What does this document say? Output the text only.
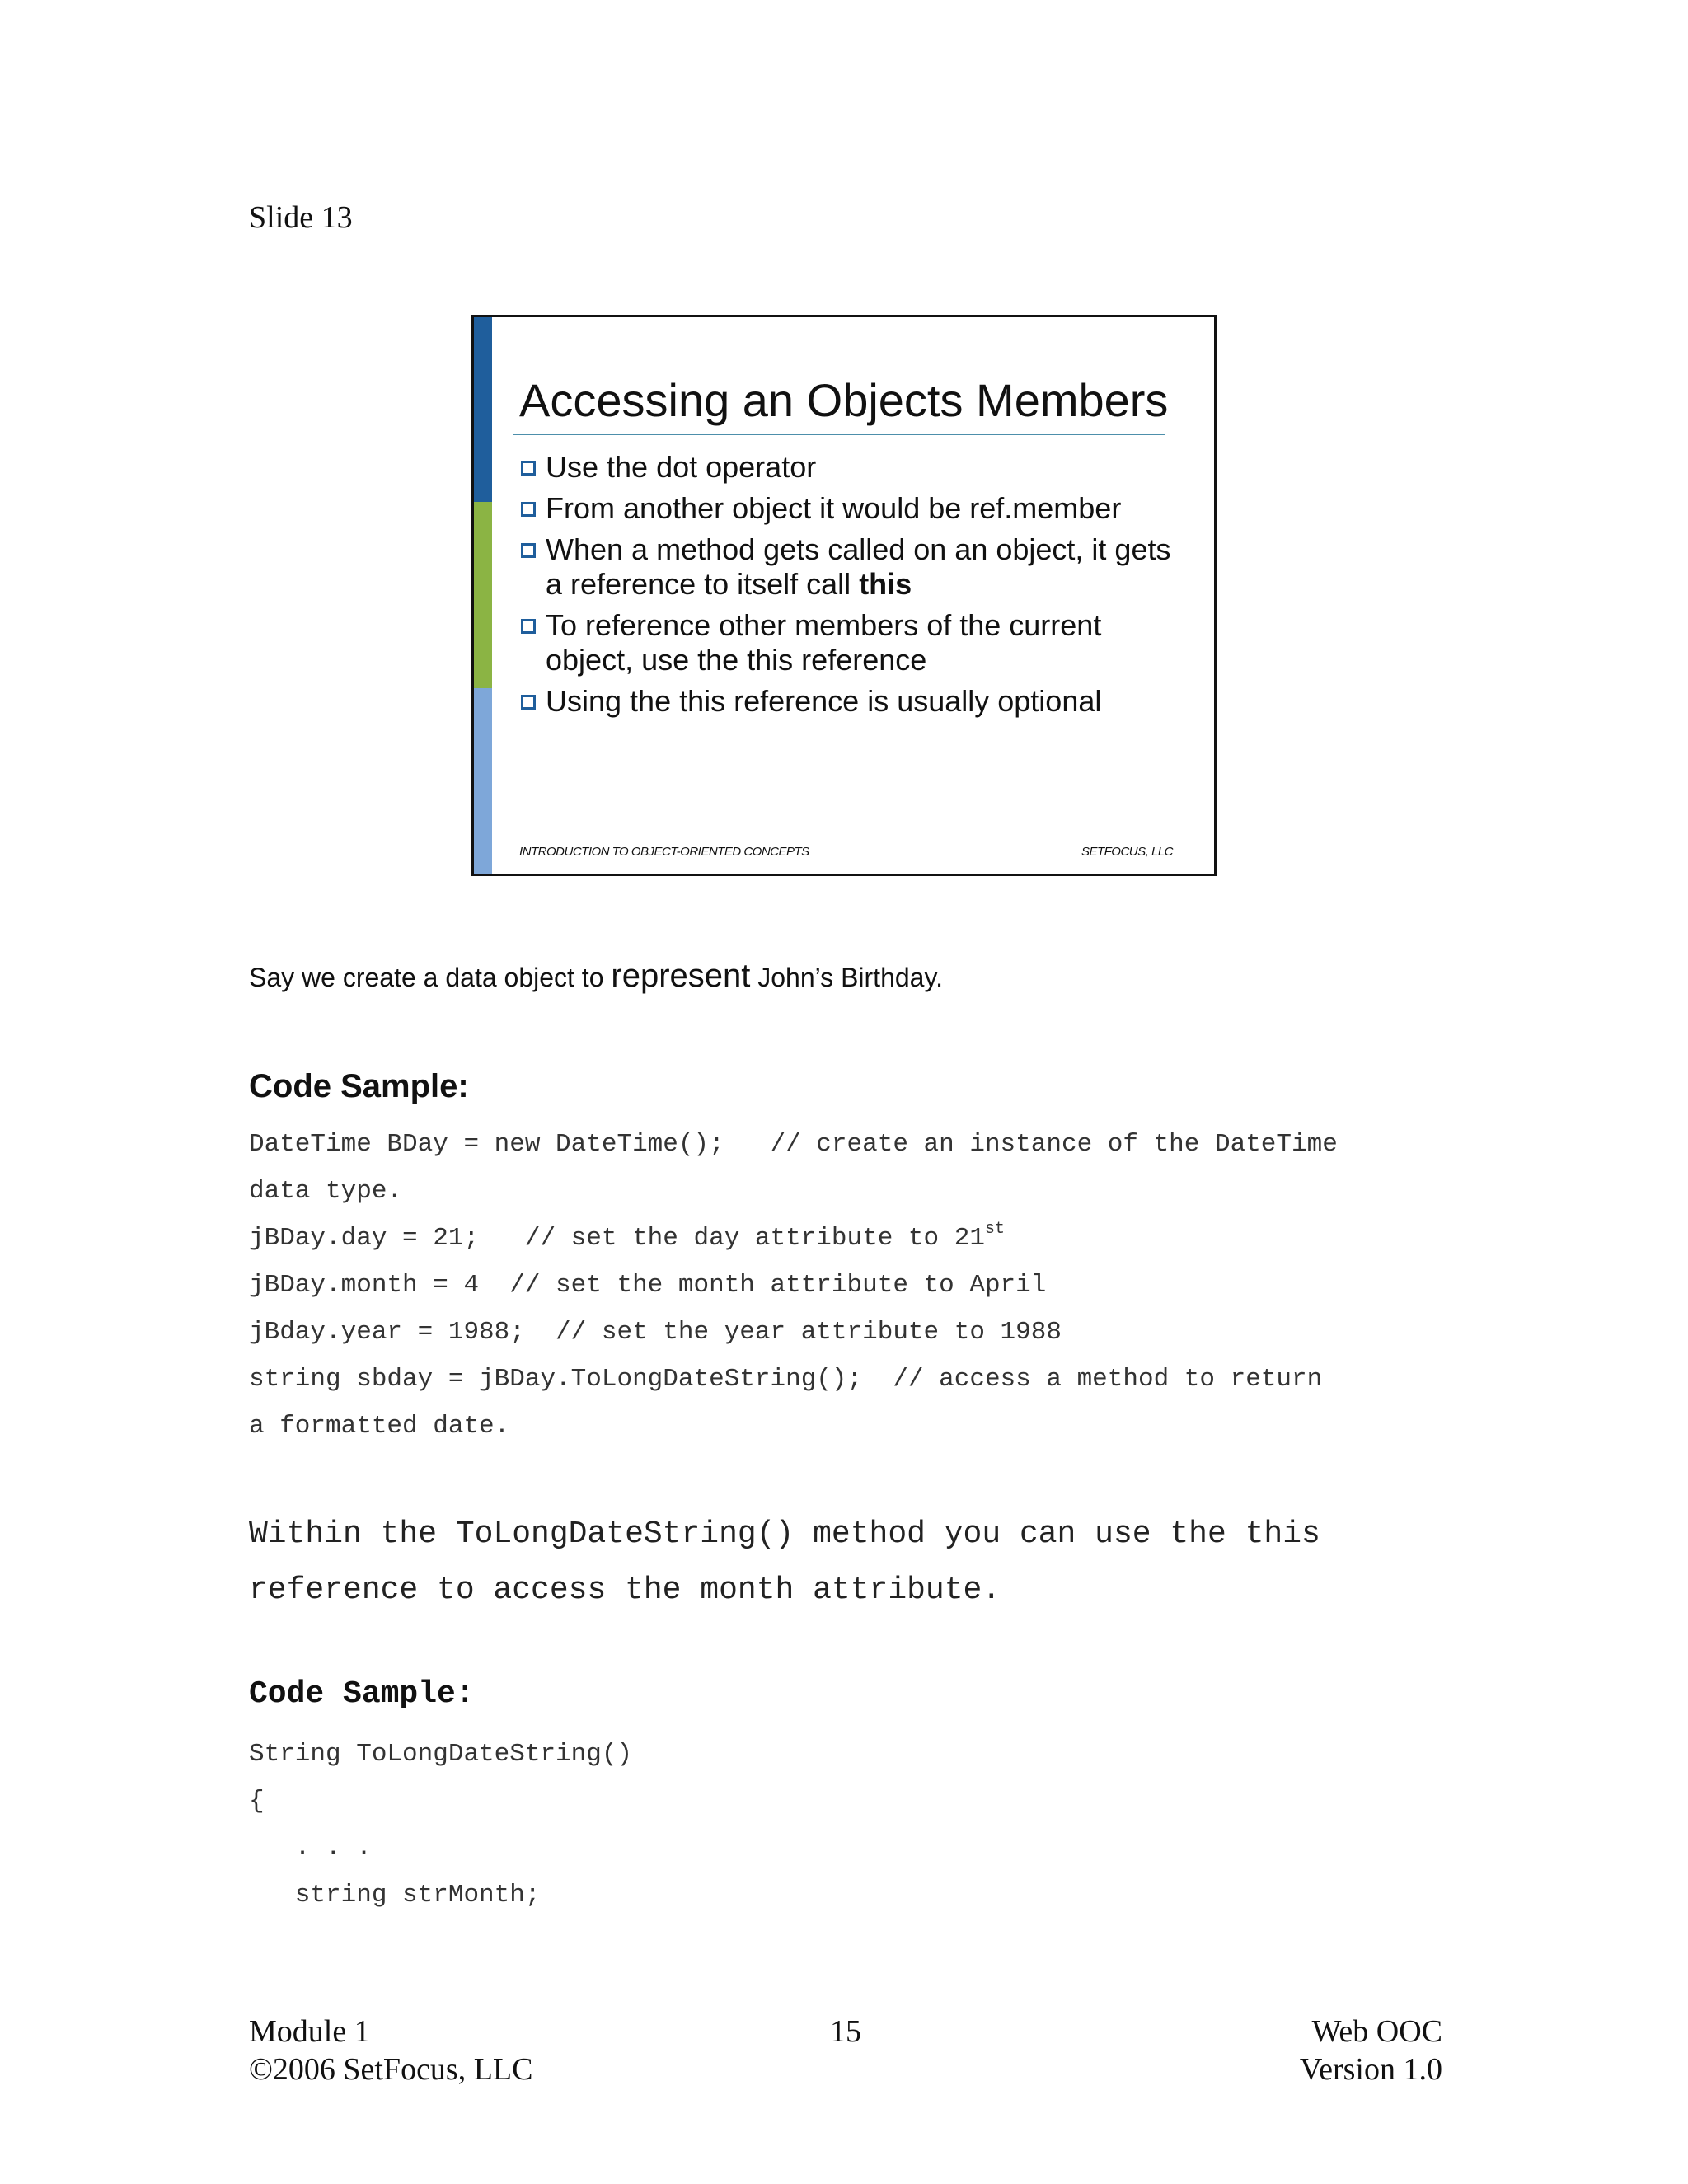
Slide 13
Accessing an Objects Members
Use the dot operator
From another object it would be ref.member
When a method gets called on an object, it gets
a reference to itself call this
To reference other members of the current
object, use the this reference
Using the this reference is usually optional
INTRODUCTION TO OBJECT-ORIENTED CONCEPTS	SETFOCUS, LLC
Say we create a data object to represent John’s Birthday.
Code Sample:
DateTime BDay = new DateTime();   // create an instance of the DateTime
data type.
jBDay.day = 21;   // set the day attribute to 21st
jBDay.month = 4  // set the month attribute to April
jBday.year = 1988;  // set the year attribute to 1988
string sbday = jBDay.ToLongDateString();  // access a method to return
a formatted date.
Within the ToLongDateString() method you can use the this
reference to access the month attribute.
Code Sample:
String ToLongDateString()
{
. . .
string strMonth;
Module 1
©2006 SetFocus, LLC
15	Web OOC
Version 1.0
